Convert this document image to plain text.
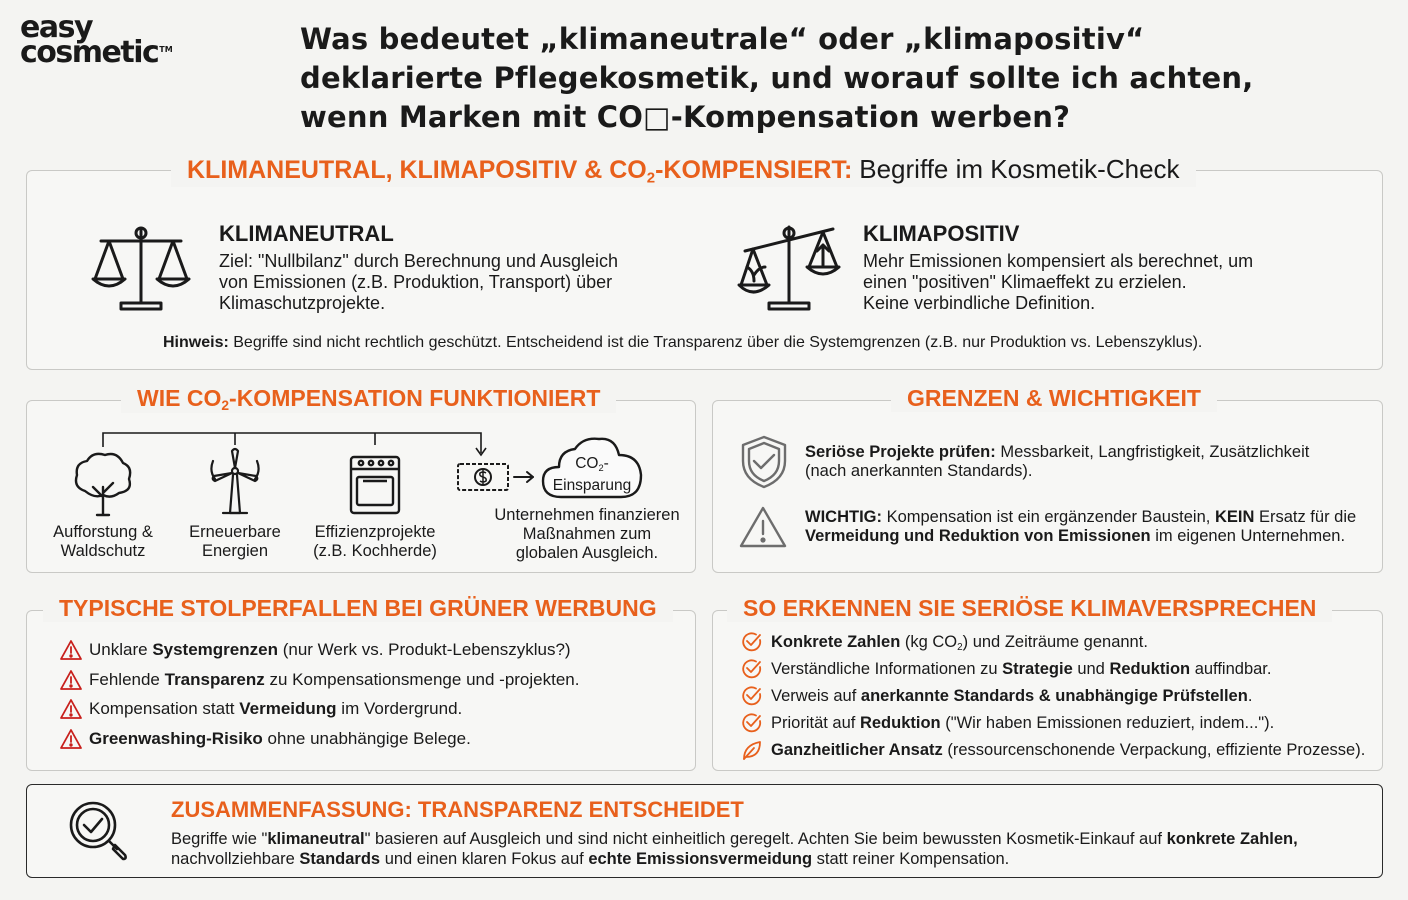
easy
cosmetic™	Was bedeutet „klimaneutrale“ oder „klimapositiv“
deklarierte Pflegekosmetik, und worauf sollte ich achten,
wenn Marken mit CO□-Kompensation werben?
KLIMANEUTRAL, KLIMAPOSITIV & $CO_2$-KOMPENSIERT: Begriffe im Kosmetik-Check
KLIMANEUTRAL
Ziel: "Nullbilanz" durch Berechnung und Ausgleich
von Emissionen (z.B. Produktion, Transport) über
Klimaschutzprojekte.
KLIMAPOSITIV
Mehr Emissionen kompensiert als berechnet, um
einen "positiven" Klimaeffekt zu erzielen.
Keine verbindliche Definition.
Hinweis: Begriffe sind nicht rechtlich geschützt. Entscheidend ist die Transparenz über die Systemgrenzen (z.B. nur Produktion vs. Lebenszyklus).
WIE $CO_2$-KOMPENSATION FUNKTIONIERT
Aufforstung &
Waldschutz
Erneuerbare
Energien
Effizienzprojekte
(z.B. Kochherde)
$CO_2-$
Einsparung
Unternehmen finanzieren
Maßnahmen zum
globalen Ausgleich.
GRENZEN & WICHTIGKEIT
Seriöse Projekte prüfen: Messbarkeit, Langfristigkeit, Zusätzlichkeit
(nach anerkannten Standards).
WICHTIG: Kompensation ist ein ergänzender Baustein, KEIN Ersatz für die
Vermeidung und Reduktion von Emissionen im eigenen Unternehmen.
TYPISCHE STOLPERFALLEN BEI GRÜNER WERBUNG
Unklare Systemgrenzen (nur Werk vs. Produkt-Lebenszyklus?)
Fehlende Transparenz zu Kompensationsmenge und -projekten.
Kompensation statt Vermeidung im Vordergrund.
Greenwashing-Risiko ohne unabhängige Belege.
SO ERKENNEN SIE SERIÖSE KLIMAVERSPRECHEN
Konkrete Zahlen (kg $CO_2$) und Zeiträume genannt.
Verständliche Informationen zu Strategie und Reduktion auffindbar.
Verweis auf anerkannte Standards & unabhängige Prüfstellen.
Priorität auf Reduktion ("Wir haben Emissionen reduziert, indem...").
Ganzheitlicher Ansatz (ressourcenschonende Verpackung, effiziente Prozesse).
ZUSAMMENFASSUNG: TRANSPARENZ ENTSCHEIDET
Begriffe wie "klimaneutral" basieren auf Ausgleich und sind nicht einheitlich geregelt. Achten Sie beim bewussten Kosmetik-Einkauf auf konkrete Zahlen,
nachvollziehbare Standards und einen klaren Fokus auf echte Emissionsvermeidung statt reiner Kompensation.
